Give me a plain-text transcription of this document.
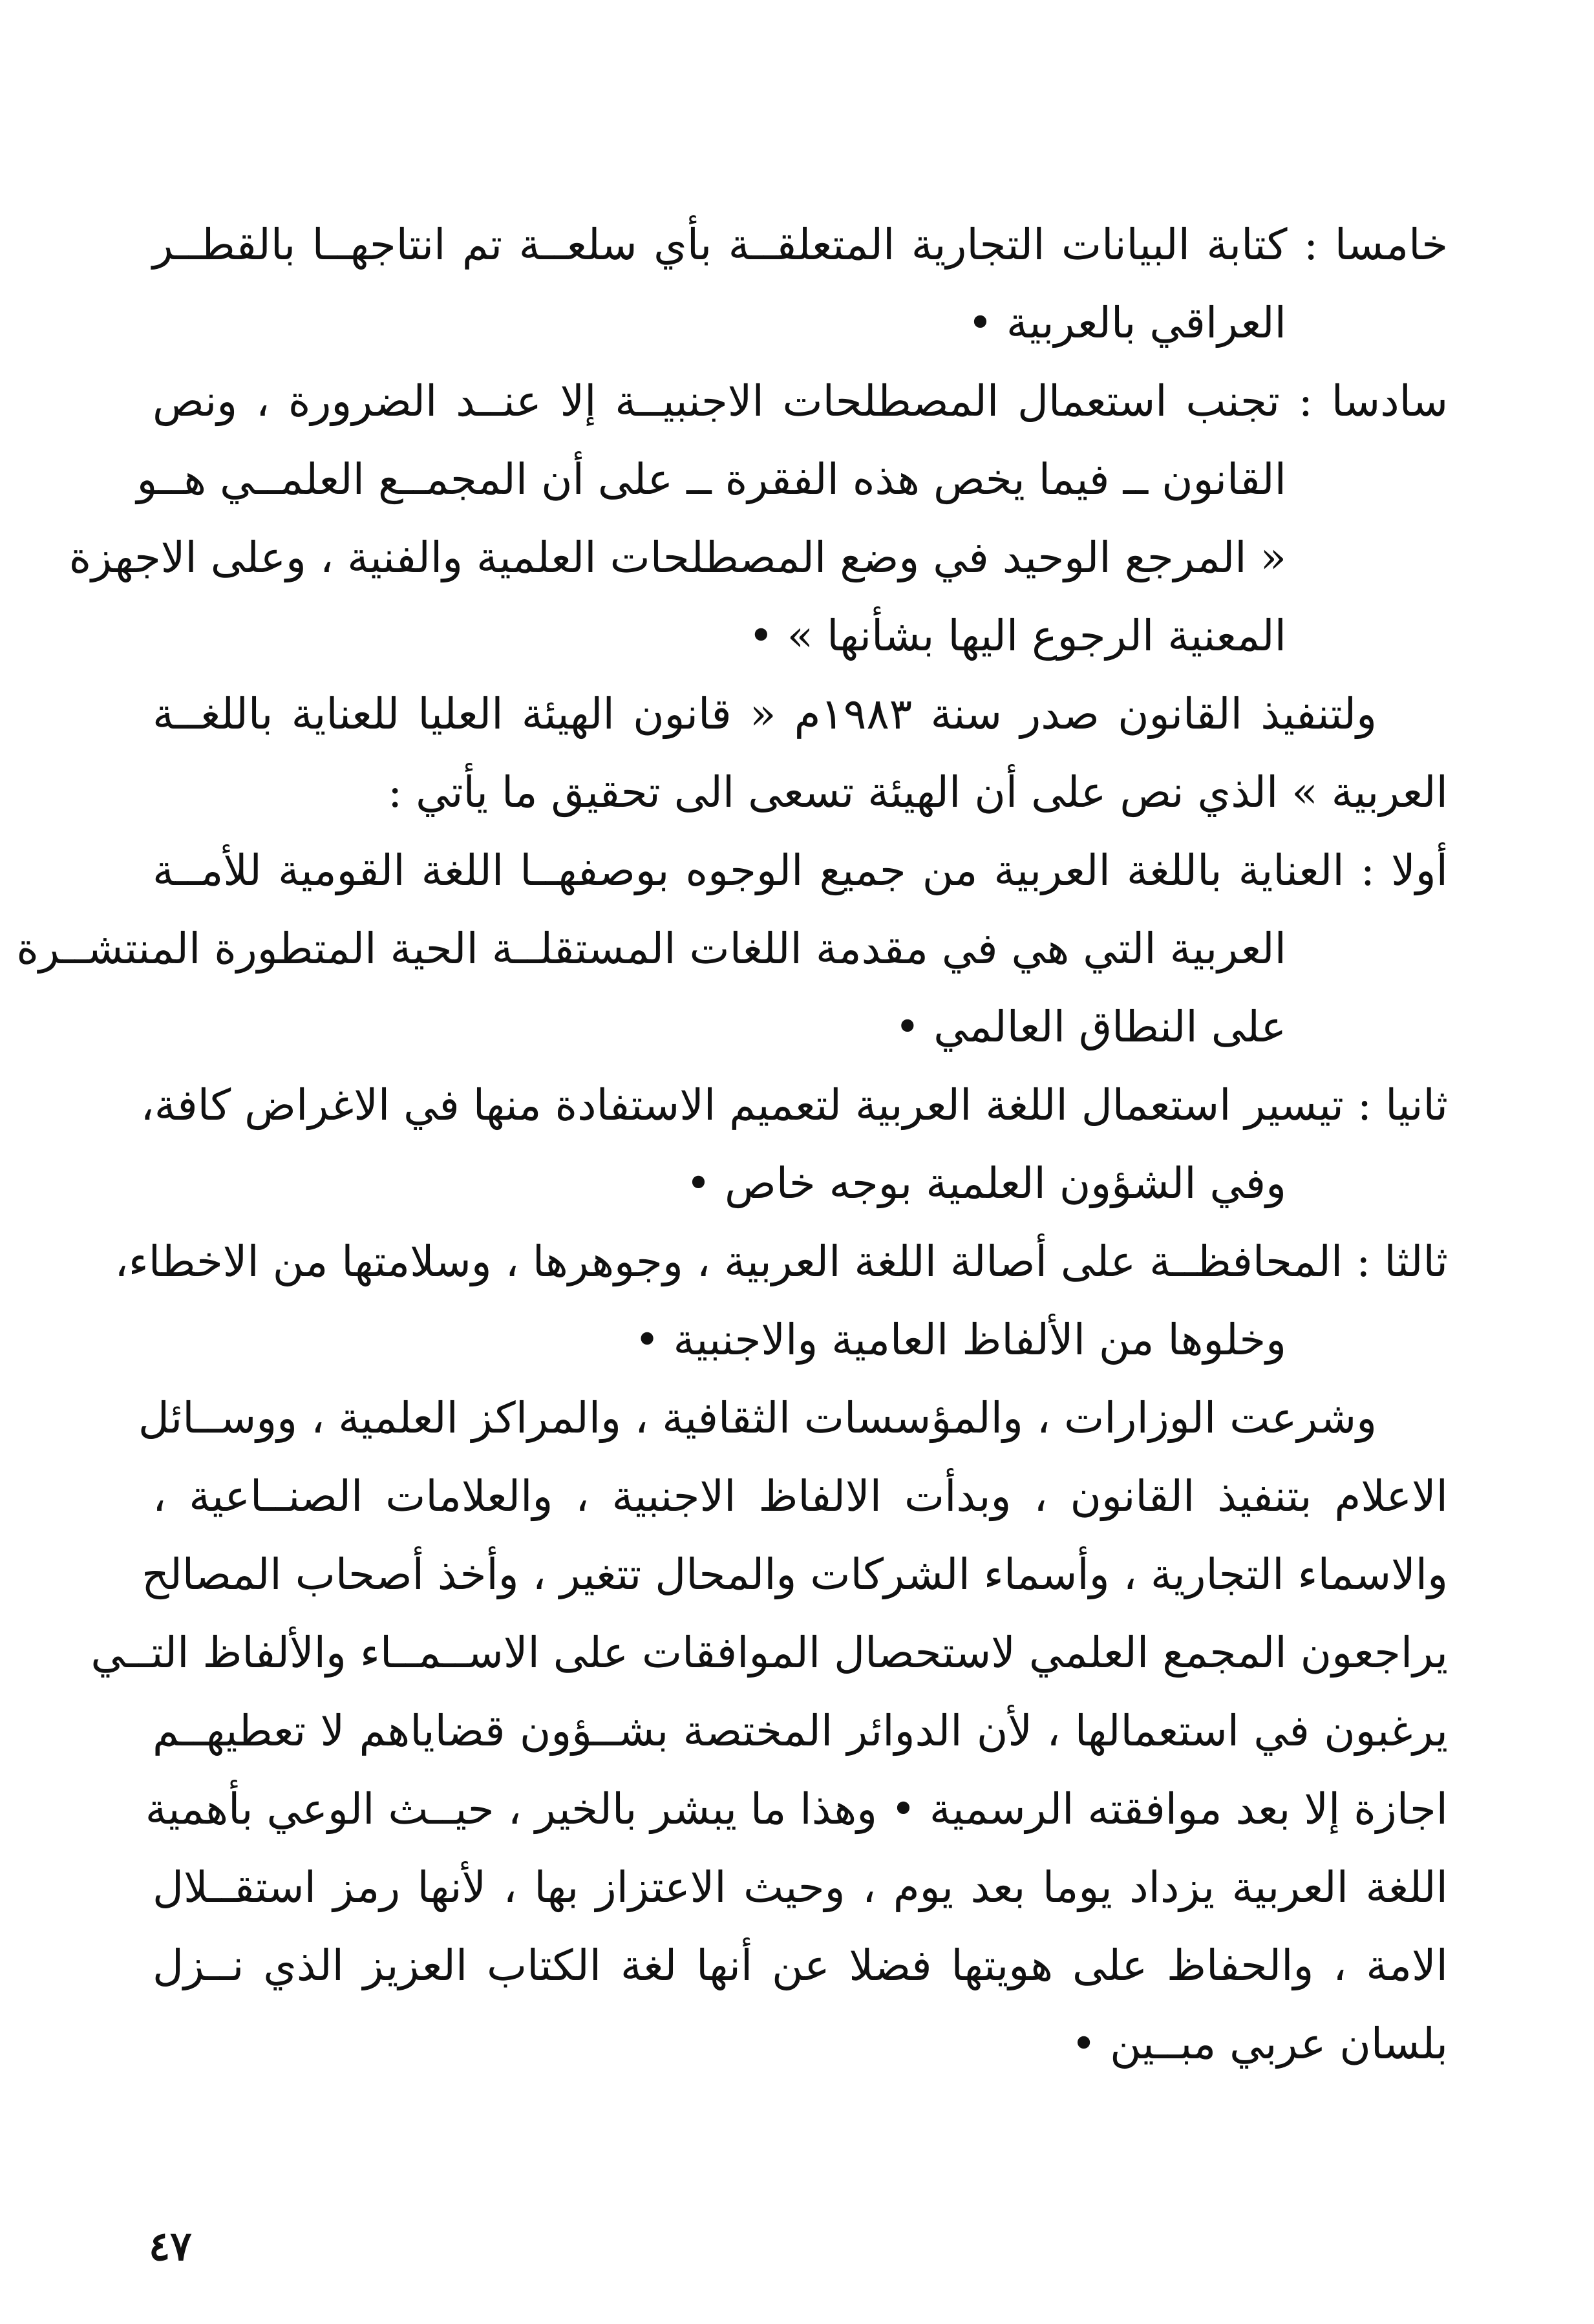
خامسا : كتابة البيانات التجارية المتعلقــة بأي سلعــة تم انتاجهــا بالقطــر
العراقي بالعربية •
سادسا : تجنب استعمال المصطلحات الاجنبيــة إلا عنــد الضرورة ، ونص
القانون ــ فيما يخص هذه الفقرة ــ على أن المجمــع العلمــي هــو
« المرجع الوحيد في وضع المصطلحات العلمية والفنية ، وعلى الاجهزة
المعنية الرجوع اليها بشأنها » •
ولتنفيذ القانون صدر سنة ١٩٨٣م « قانون الهيئة العليا للعناية باللغــة
العربية » الذي نص على أن الهيئة تسعى الى تحقيق ما يأتي :
أولا : العناية باللغة العربية من جميع الوجوه بوصفهــا اللغة القومية للأمــة
العربية التي هي في مقدمة اللغات المستقلــة الحية المتطورة المنتشــرة
على النطاق العالمي •
ثانيا : تيسير استعمال اللغة العربية لتعميم الاستفادة منها في الاغراض كافة،
وفي الشؤون العلمية بوجه خاص •
ثالثا : المحافظــة على أصالة اللغة العربية ، وجوهرها ، وسلامتها من الاخطاء،
وخلوها من الألفاظ العامية والاجنبية •
وشرعت الوزارات ، والمؤسسات الثقافية ، والمراكز العلمية ، ووســائل
الاعلام بتنفيذ القانون ، وبدأت الالفاظ الاجنبية ، والعلامات الصنــاعية ،
والاسماء التجارية ، وأسماء الشركات والمحال تتغير ، وأخذ أصحاب المصالح
يراجعون المجمع العلمي لاستحصال الموافقات على الاســمــاء والألفاظ التــي
يرغبون في استعمالها ، لأن الدوائر المختصة بشــؤون قضاياهم لا تعطيهــم
اجازة إلا بعد موافقته الرسمية • وهذا ما يبشر بالخير ، حيــث الوعي بأهمية
اللغة العربية يزداد يوما بعد يوم ، وحيث الاعتزاز بها ، لأنها رمز استقــلال
الامة ، والحفاظ على هويتها فضلا عن أنها لغة الكتاب العزيز الذي نــزل
بلسان عربي مبــين •
٤٧
